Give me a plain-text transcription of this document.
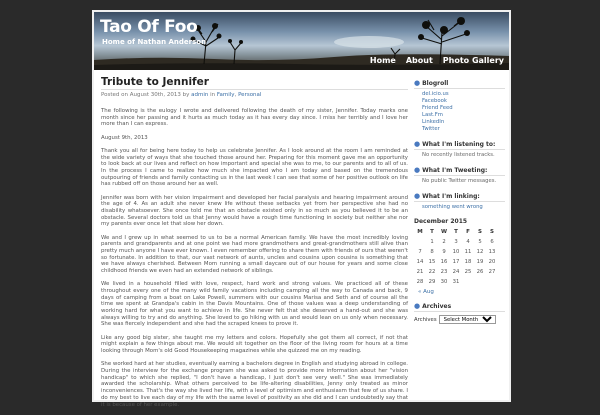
Tao Of Foo
Home of Nathan Anderson
Home About Photo Gallery
Tribute to Jennifer
Posted on August 30th, 2013 by admin in Family, Personal

The following is the eulogy I wrote and delivered following the death of my sister, Jennifer. Today marks one month since her passing and it hurts as much today as it has every day since. I miss her terribly and I love her more than I can express.

August 9th, 2013

Thank you all for being here today to help us celebrate Jennifer. As I look around at the room I am reminded at the wide variety of ways that she touched those around her. Preparing for this moment gave me an opportunity to look back at our lives and reflect on how important and special she was to me, to our parents and to all of us. In the process I came to realize how much she impacted who I am today and based on the tremendous outpouring of friends and family contacting us in the last week I can see that some of her positive outlook on life has rubbed off on those around her as well.

Jennifer was born with her vision impairment and developed her facial paralysis and hearing impairment around the age of 4. As an adult she never knew life without these setbacks yet from her perspective she had no disability whatsoever. She once told me that an obstacle existed only in so much as you believed it to be an obstacle. Several doctors told us that Jenny would have a rough time functioning in society but neither she nor my parents ever once let that slow her down.

We and I grew up in what seemed to us to be a normal American family. We have the most incredibly loving parents and grandparents and at one point we had more grandmothers and great-grandmothers still alive than pretty much anyone I have ever known. I even remember offering to share them with friends of ours that weren't so fortunate. In addition to that, our vast network of aunts, uncles and cousins upon cousins is something that we have always cherished. Between Mom running a small daycare out of our house for years and some close childhood friends we even had an extended network of siblings.

We lived in a household filled with love, respect, hard work and strong values. We practiced all of these throughout every one of the many wild family vacations including camping all the way to Canada and back, 9 days of camping from a boat on Lake Powell, summers with our cousins Marisa and Seth and of course all the time we spent at Grandpa's cabin in the Davis Mountains. One of those values was a deep understanding of working hard for what you want to achieve in life. She never felt that she deserved a hand-out and she was always willing to try and do anything. She loved to go hiking with us and would lean on us only when necessary. She was fiercely independent and she had the scraped knees to prove it.

Like any good big sister, she taught me my letters and colors. Hopefully she got them all correct, if not that might explain a few things about me. We would sit together on the floor of the living room for hours at a time looking through Mom's old Good Housekeeping magazines while she quizzed me on my reading.

She worked hard at her studies, eventually earning a bachelors degree in English and studying abroad in college. During the interview for the exchange program she was asked to provide more information about her "vision handicap" to which she replied, "I don't have a handicap, I just don't see very well." She was immediately awarded the scholarship. What others perceived to be life-altering disabilities, Jenny only treated as minor inconveniences. That's the way she lived her life, with a level of optimism and enthusiasm that few of us share. I do my best to live each day of my life with the same level of positivity as she did and I can undoubtedly say that it is because of her example.

● Blogroll
del.icio.us
Facebook
Friend Feed
Last.Fm
LinkedIn
Twitter
● What I'm listening to:
No recently listened tracks.
● What I'm Tweeting:
No public Twitter messages.
● What I'm linking:
something went wrong
December 2015
M	T	W	T	F	S	S
	1	2	3	4	5	6
7	8	9	10	11	12	13
14	15	16	17	18	19	20
21	22	23	24	25	26	27
28	29	30	31			
« Aug
● Archives
Archives
Select Month
